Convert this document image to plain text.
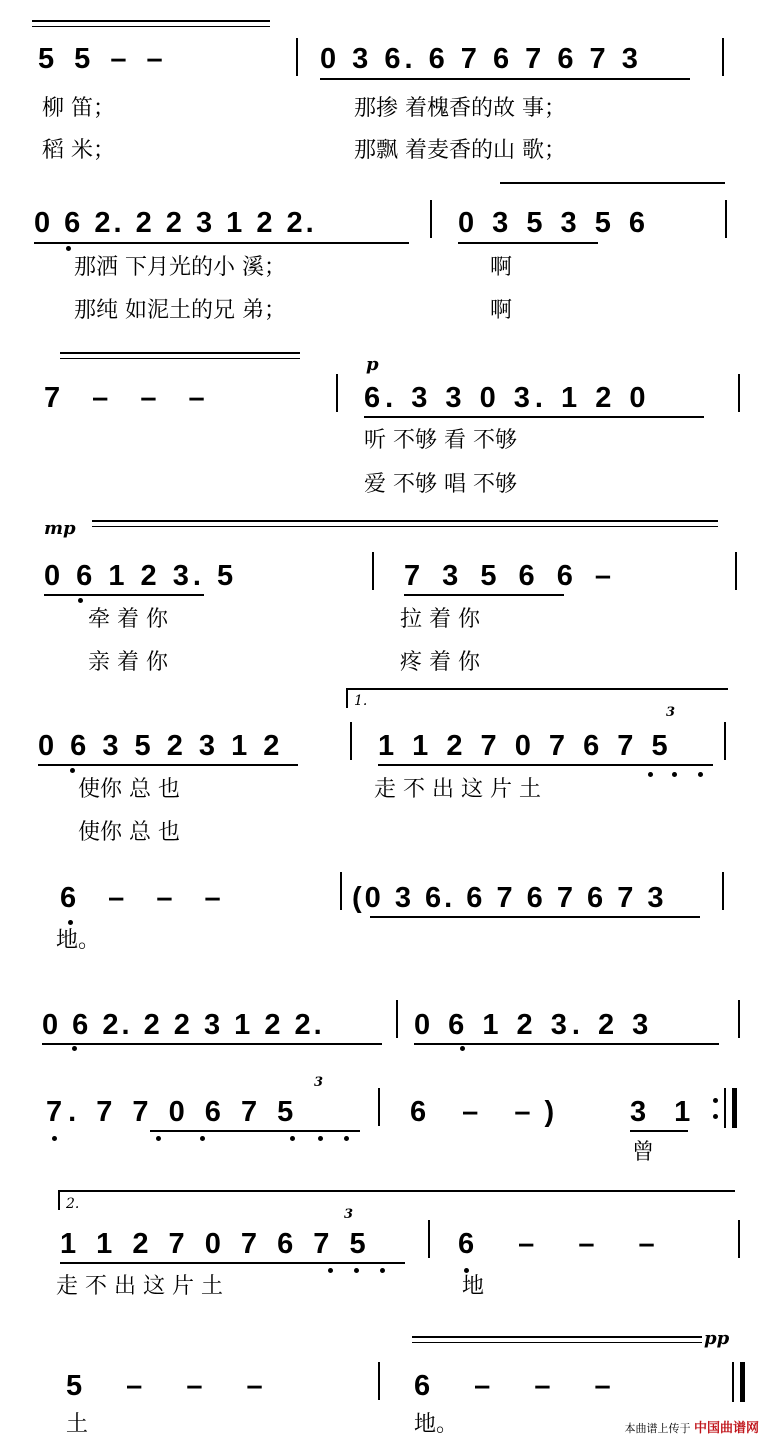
5 5 – –	0 3 6. 6 7 6 7 6 7 3
柳 笛；	那掺 着槐香的故 事；
稻 米；	那飘 着麦香的山 歌；
0 6 2. 2 2 3 1 2 2.	0 3 5 3 5 6
那洒 下月光的小 溪；	啊
那纯 如泥土的兄 弟；	啊
p
7 – – –	6. 3 3 0 3. 1 2 0
听 不够 看 不够
爱 不够 唱 不够
mp
0 6 1 2 3. 5	7 3 5 6 6 –
牵 着 你	拉 着 你
亲 着 你	疼 着 你
1.
0 6 3 5 2 3 1 2
3
1 1 2 7 0 7 6 7 5
使你 总 也	走 不 出 这 片 土
使你 总 也
6 – – –	(0 3 6. 6 7 6 7 6 7 3
地。
0 6 2. 2 2 3 1 2 2.	0 6 1 2 3. 2 3
3
7. 7 7 0 6 7 5	6 – –) 3 1
曾
2.
3
1 1 2 7 0 7 6 7 5	6 – – –
走 不 出 这 片 土	地
pp
5 – – –	6 – – –
土	地。	本曲谱上传于 中国曲谱网
